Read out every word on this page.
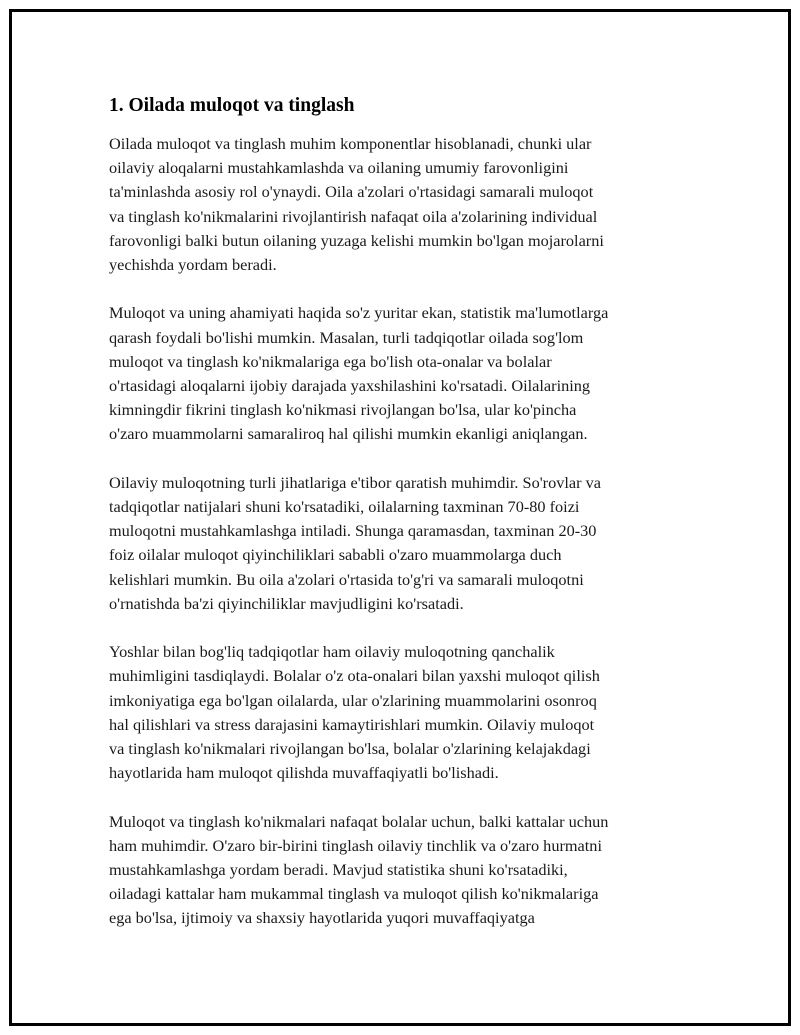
1. Oilada muloqot va tinglash

Oilada muloqot va tinglash muhim komponentlar hisoblanadi, chunki ular
oilaviy aloqalarni mustahkamlashda va oilaning umumiy farovonligini
ta'minlashda asosiy rol o'ynaydi. Oila a'zolari o'rtasidagi samarali muloqot
va tinglash ko'nikmalarini rivojlantirish nafaqat oila a'zolarining individual
farovonligi balki butun oilaning yuzaga kelishi mumkin bo'lgan mojarolarni
yechishda yordam beradi.

Muloqot va uning ahamiyati haqida so'z yuritar ekan, statistik ma'lumotlarga
qarash foydali bo'lishi mumkin. Masalan, turli tadqiqotlar oilada sog'lom
muloqot va tinglash ko'nikmalariga ega bo'lish ota-onalar va bolalar
o'rtasidagi aloqalarni ijobiy darajada yaxshilashini ko'rsatadi. Oilalarining
kimningdir fikrini tinglash ko'nikmasi rivojlangan bo'lsa, ular ko'pincha
o'zaro muammolarni samaraliroq hal qilishi mumkin ekanligi aniqlangan.

Oilaviy muloqotning turli jihatlariga e'tibor qaratish muhimdir. So'rovlar va
tadqiqotlar natijalari shuni ko'rsatadiki, oilalarning taxminan 70-80 foizi
muloqotni mustahkamlashga intiladi. Shunga qaramasdan, taxminan 20-30
foiz oilalar muloqot qiyinchiliklari sababli o'zaro muammolarga duch
kelishlari mumkin. Bu oila a'zolari o'rtasida to'g'ri va samarali muloqotni
o'rnatishda ba'zi qiyinchiliklar mavjudligini ko'rsatadi.

Yoshlar bilan bog'liq tadqiqotlar ham oilaviy muloqotning qanchalik
muhimligini tasdiqlaydi. Bolalar o'z ota-onalari bilan yaxshi muloqot qilish
imkoniyatiga ega bo'lgan oilalarda, ular o'zlarining muammolarini osonroq
hal qilishlari va stress darajasini kamaytirishlari mumkin. Oilaviy muloqot
va tinglash ko'nikmalari rivojlangan bo'lsa, bolalar o'zlarining kelajakdagi
hayotlarida ham muloqot qilishda muvaffaqiyatli bo'lishadi.

Muloqot va tinglash ko'nikmalari nafaqat bolalar uchun, balki kattalar uchun
ham muhimdir. O'zaro bir-birini tinglash oilaviy tinchlik va o'zaro hurmatni
mustahkamlashga yordam beradi. Mavjud statistika shuni ko'rsatadiki,
oiladagi kattalar ham mukammal tinglash va muloqot qilish ko'nikmalariga
ega bo'lsa, ijtimoiy va shaxsiy hayotlarida yuqori muvaffaqiyatga
